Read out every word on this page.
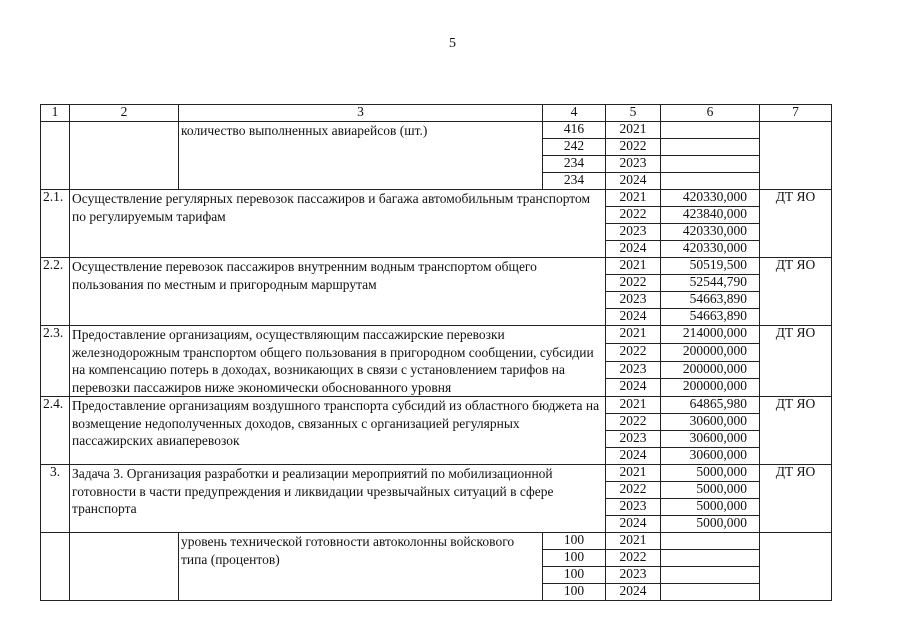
5
1	2	3	4	5	6	7
		количество выполненных авиарейсов (шт.)	416	2021		
			242	2022		
			234	2023		
			234	2024		
2.1.	Осуществление регулярных перевозок пассажиров и багажа автомобильным транспортом по регулируемым тарифам			2021	420330,000	ДТ ЯО
				2022	423840,000	
				2023	420330,000	
				2024	420330,000	
2.2.	Осуществление перевозок пассажиров внутренним водным транспортом общего пользования по местным и пригородным маршрутам			2021	50519,500	ДТ ЯО
				2022	52544,790	
				2023	54663,890	
				2024	54663,890	
2.3.	Предоставление организациям, осуществляющим пассажирские перевозки железнодорожным транспортом общего пользования в пригородном сообщении, субсидии на компенсацию потерь в доходах, возникающих в связи с установлением тарифов на перевозки пассажиров ниже экономически обоснованного уровня			2021	214000,000	ДТ ЯО
				2022	200000,000	
				2023	200000,000	
				2024	200000,000	
2.4.	Предоставление организациям воздушного транспорта субсидий из областного бюджета на возмещение недополученных доходов, связанных с организацией регулярных пассажирских авиаперевозок			2021	64865,980	ДТ ЯО
				2022	30600,000	
				2023	30600,000	
				2024	30600,000	
3.	Задача 3. Организация разработки и реализации мероприятий по мобилизационной готовности в части предупреждения и ликвидации чрезвычайных ситуаций в сфере транспорта			2021	5000,000	ДТ ЯО
				2022	5000,000	
				2023	5000,000	
				2024	5000,000	
		уровень технической готовности автоколонны войскового типа (процентов)	100	2021		
			100	2022		
			100	2023		
			100	2024		
